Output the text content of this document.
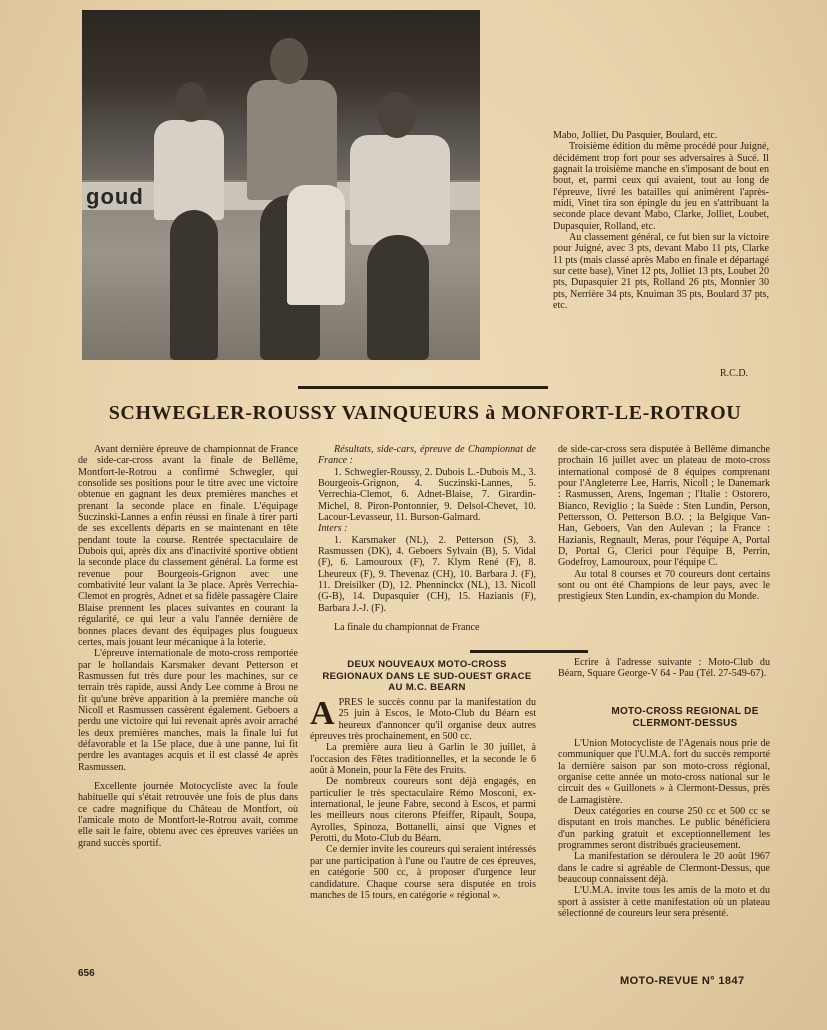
goud

Mabo, Jolliet, Du Pasquier, Boulard, etc.

Troisième édition du même procédé pour Juigné, décidément trop fort pour ses adversaires à Sucé. Il gagnait la troisième manche en s'imposant de bout en bout, et, parmi ceux qui avaient, tout au long de l'épreuve, livré les batailles qui animèrent l'après-midi, Vinet tira son épingle du jeu en s'attribuant la seconde place devant Mabo, Clarke, Jolliet, Loubet, Dupasquier, Rolland, etc.

Au classement général, ce fut bien sur la victoire pour Juigné, avec 3 pts, devant Mabo 11 pts, Clarke 11 pts (mais classé après Mabo en finale et départagé sur cette base), Vinet 12 pts, Jolliet 13 pts, Loubet 20 pts, Dupasquier 21 pts, Rolland 26 pts, Monnier 30 pts, Nerrière 34 pts, Knuiman 35 pts, Boulard 37 pts, etc.

R.C.D.
SCHWEGLER-ROUSSY VAINQUEURS à MONFORT-LE-ROTROU

Avant dernière épreuve de championnat de France de side-car-cross avant la finale de Bellême, Montfort-le-Rotrou a confirmé Schwegler, qui consolide ses positions pour le titre avec une victoire obtenue en gagnant les deux premières manches et prenant la seconde place en finale. L'équipage Suczinski-Lannes a enfin réussi en finale à tirer parti de ses excellents départs en se maintenant en tête pendant toute la course. Rentrée spectaculaire de Dubois qui, après dix ans d'inactivité sportive obtient la seconde place du classement général. La forme est revenue pour Bourgeois-Grignon avec une combativité leur valant la 3e place. Après Verrechia-Clemot en progrès, Adnet et sa fidèle passagère Claire Blaise prennent les places suivantes en courant la régularité, ce qui leur a valu l'année dernière de bonnes places devant des équipages plus fougueux certes, mais jouant leur mécanique à la loterie.

L'épreuve internationale de moto-cross remportée par le hollandais Karsmaker devant Petterson et Rasmussen fut très dure pour les machines, sur ce terrain très rapide, aussi Andy Lee comme à Brou ne fit qu'une brève apparition à la première manche où Nicoll et Rasmussen cassèrent également. Geboers a perdu une victoire qui lui revenait après avoir arraché les deux premières manches, mais la finale lui fut défavorable et la 15e place, due à une panne, lui fit perdre les avantages acquis et il est classé 4e après Rasmussen.

Excellente journée Motocycliste avec la foule habituelle qui s'était retrouvée une fois de plus dans ce cadre magnifique du Château de Montfort, où l'amicale moto de Montfort-le-Rotrou avait, comme elle sait le faire, obtenu avec ces épreuves variées un grand succès sportif.

Résultats, side-cars, épreuve de Championnat de France :

1. Schwegler-Roussy, 2. Dubois L.-Dubois M., 3. Bourgeois-Grignon, 4. Suczinski-Lannes, 5. Verrechia-Clemot, 6. Adnet-Blaise, 7. Girardin-Michel, 8. Piron-Pontonnier, 9. Delsol-Chevet, 10. Lacour-Levasseur, 11. Burson-Galmard.

Inters :

1. Karsmaker (NL), 2. Petterson (S), 3. Rasmussen (DK), 4. Geboers Sylvain (B), 5. Vidal (F), 6. Lamouroux (F), 7. Klym René (F), 8. Lheureux (F), 9. Thevenaz (CH), 10. Barbara J. (F), 11. Dreisilker (D), 12. Phenninckx (NL), 13. Nicoll (G-B), 14. Dupasquier (CH), 15. Hazianis (F), Barbara J.-J. (F).

La finale du championnat de France

de side-car-cross sera disputée à Bellême dimanche prochain 16 juillet avec un plateau de moto-cross international composé de 8 équipes comprenant pour l'Angleterre Lee, Harris, Nicoll ; le Danemark : Rasmussen, Arens, Ingeman ; l'Italie : Ostorero, Bianco, Reviglio ; la Suède : Sten Lundin, Person, Pettersson, O. Petterson B.O. ; la Belgique Van-Han, Geboers, Van den Aulevan ; la France : Hazianis, Regnault, Meras, pour l'équipe A, Portal D, Portal G, Clerici pour l'équipe B, Perrin, Godefroy, Lamouroux, pour l'équipe C.

Au total 8 courses et 70 coureurs dont certains sont ou ont été Champions de leur pays, avec le prestigieux Sten Lundin, ex-champion du Monde.

DEUX NOUVEAUX MOTO-CROSS REGIONAUX DANS LE SUD-OUEST GRACE AU M.C. BEARN

APRES le succès connu par la manifestation du 25 juin à Escos, le Moto-Club du Béarn est heureux d'annoncer qu'il organise deux autres épreuves très prochainement, en 500 cc.

La première aura lieu à Garlin le 30 juillet, à l'occasion des Fêtes traditionnelles, et la seconde le 6 août à Monein, pour la Fête des Fruits.

De nombreux coureurs sont déjà engagés, en particulier le très spectaculaire Rémo Mosconi, ex-international, le jeune Fabre, second à Escos, et parmi les meilleurs nous citerons Pfeiffer, Ripault, Soupa, Ayrolles, Spinoza, Bottanelli, ainsi que Vignes et Perotti, du Moto-Club du Béarn.

Ce dernier invite les coureurs qui seraient intéressés par une participation à l'une ou l'autre de ces épreuves, en catégorie 500 cc, à proposer d'urgence leur candidature. Chaque course sera disputée en trois manches de 15 tours, en catégorie « régional ».

Ecrire à l'adresse suivante : Moto-Club du Béarn, Square George-V 64 - Pau (Tél. 27-549-67).

MOTO-CROSS REGIONAL DE CLERMONT-DESSUS

L'Union Motocycliste de l'Agenais nous prie de communiquer que l'U.M.A. fort du succès remporté la dernière saison par son moto-cross régional, organise cette année un moto-cross national sur le circuit des « Guillonets » à Clermont-Dessus, près de Lamagistère.

Deux catégories en course 250 cc et 500 cc se disputant en trois manches. Le public bénéficiera d'un parking gratuit et exceptionnellement les programmes seront distribués gracieusement.

La manifestation se déroulera le 20 août 1967 dans le cadre si agréable de Clermont-Dessus, que beaucoup connaissent déjà.

L'U.M.A. invite tous les amis de la moto et du sport à assister à cette manifestation où un plateau sélectionné de coureurs leur sera présenté.

656
MOTO-REVUE N° 1847
